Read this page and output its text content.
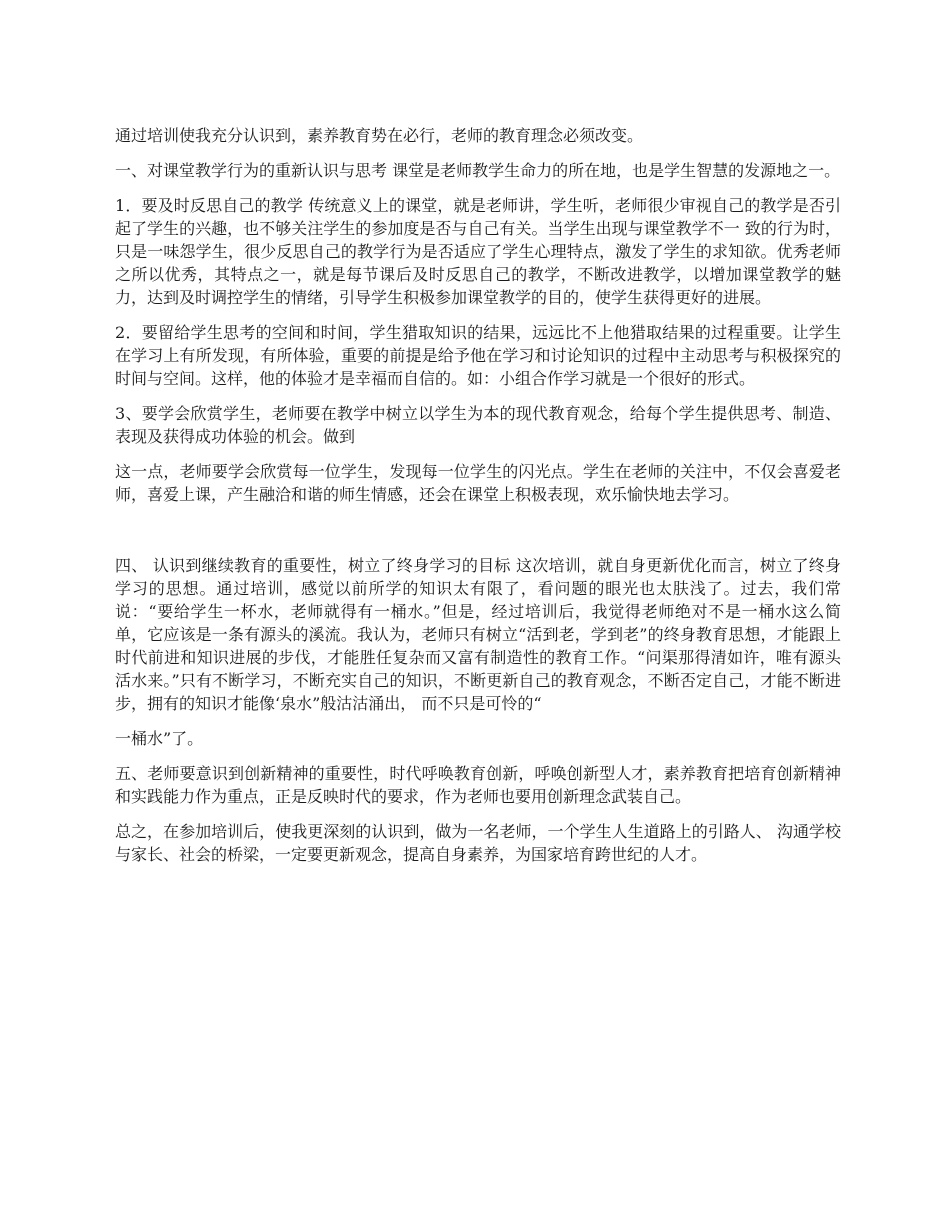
通过培训使我充分认识到，素养教育势在必行，老师的教育理念必须改变。

一、对课堂教学行为的重新认识与思考 课堂是老师教学生命力的所在地，也是学生智慧的发源地之一。

1．要及时反思自己的教学 传统意义上的课堂，就是老师讲，学生听，老师很少审视自己的教学是否引起了学生的兴趣，也不够关注学生的参加度是否与自己有关。当学生出现与课堂教学不一 致的行为时，只是一味怨学生，很少反思自己的教学行为是否适应了学生心理特点，激发了学生的求知欲。优秀老师之所以优秀，其特点之一，就是每节课后及时反思自己的教学，不断改进教学，以增加课堂教学的魅力，达到及时调控学生的情绪，引导学生积极参加课堂教学的目的，使学生获得更好的进展。

2．要留给学生思考的空间和时间，学生猎取知识的结果，远远比不上他猎取结果的过程重要。让学生在学习上有所发现，有所体验，重要的前提是给予他在学习和讨论知识的过程中主动思考与积极探究的时间与空间。这样，他的体验才是幸福而自信的。如：小组合作学习就是一个很好的形式。

3、要学会欣赏学生，老师要在教学中树立以学生为本的现代教育观念，给每个学生提供思考、制造、表现及获得成功体验的机会。做到

这一点，老师要学会欣赏每一位学生，发现每一位学生的闪光点。学生在老师的关注中，不仅会喜爱老师，喜爱上课，产生融洽和谐的师生情感，还会在课堂上积极表现，欢乐愉快地去学习。

四、 认识到继续教育的重要性，树立了终身学习的目标 这次培训，就自身更新优化而言，树立了终身学习的思想。通过培训，感觉以前所学的知识太有限了，看问题的眼光也太肤浅了。过去，我们常说：“要给学生一杯水，老师就得有一桶水。”但是，经过培训后，我觉得老师绝对不是一桶水这么简单，它应该是一条有源头的溪流。我认为，老师只有树立“活到老，学到老”的终身教育思想，才能跟上时代前进和知识进展的步伐，才能胜任复杂而又富有制造性的教育工作。“问渠那得清如许，唯有源头活水来。”只有不断学习，不断充实自己的知识，不断更新自己的教育观念，不断否定自己，才能不断进步，拥有的知识才能像‘泉水”般沽沽涌出， 而不只是可怜的“

一桶水”了。

五、老师要意识到创新精神的重要性，时代呼唤教育创新，呼唤创新型人才，素养教育把培育创新精神和实践能力作为重点，正是反映时代的要求，作为老师也要用创新理念武装自己。

总之，在参加培训后，使我更深刻的认识到，做为一名老师，一个学生人生道路上的引路人、 沟通学校与家长、社会的桥梁，一定要更新观念，提高自身素养，为国家培育跨世纪的人才。
